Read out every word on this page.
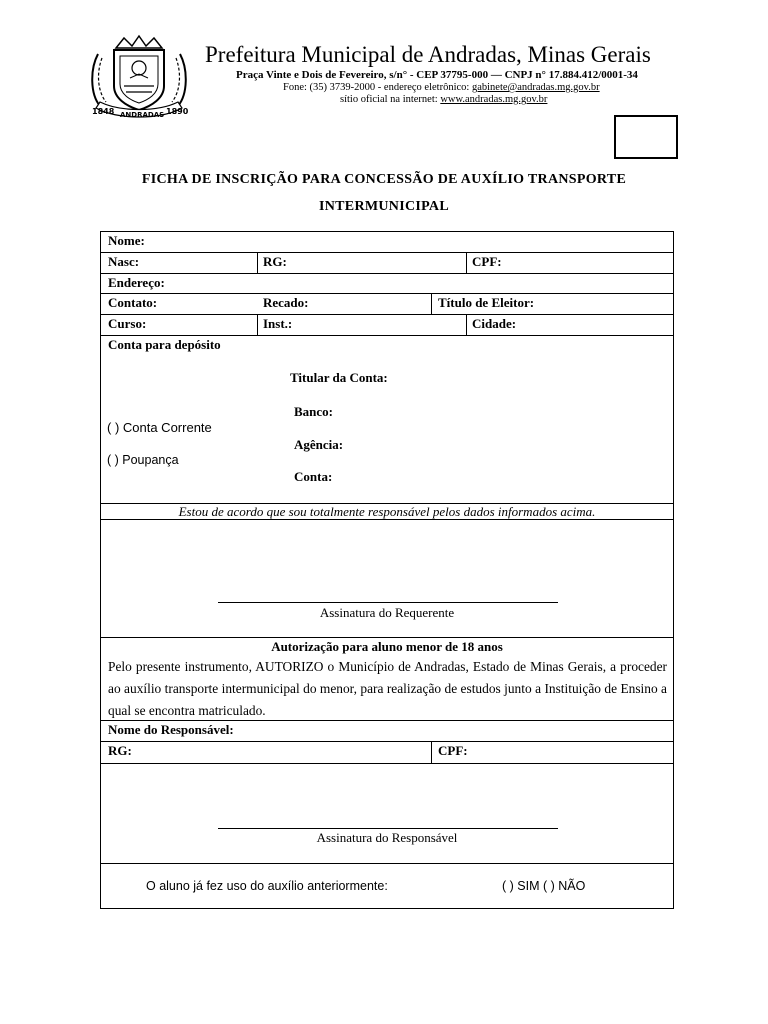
1848 ANDRADAS 1890
Prefeitura Municipal de Andradas, Minas Gerais
Praça Vinte e Dois de Fevereiro, s/n° - CEP 37795-000 — CNPJ n° 17.884.412/0001-34
Fone: (35) 3739-2000 - endereço eletrônico: gabinete@andradas.mg.gov.br
sítio oficial na internet: www.andradas.mg.gov.br
FICHA DE INSCRIÇÃO PARA CONCESSÃO DE AUXÍLIO TRANSPORTE
INTERMUNICIPAL
Nome:
Nasc:	RG:	CPF:
Endereço:
Contato:	Recado:	Título de Eleitor:
Curso:	Inst.:	Cidade:
Conta para depósito
Titular da Conta:
Banco:
( ) Conta Corrente
Agência:
( ) Poupança
Conta:
Estou de acordo que sou totalmente responsável pelos dados informados acima.
Assinatura do Requerente
Autorização para aluno menor de 18 anos
Pelo presente instrumento, AUTORIZO o Município de Andradas, Estado de Minas Gerais, a proceder ao auxílio transporte intermunicipal do menor, para realização de estudos junto a Instituição de Ensino a qual se encontra matriculado.
Nome do Responsável:
RG:	CPF:
Assinatura do Responsável
O aluno já fez uso do auxílio anteriormente:	( ) SIM ( ) NÃO
